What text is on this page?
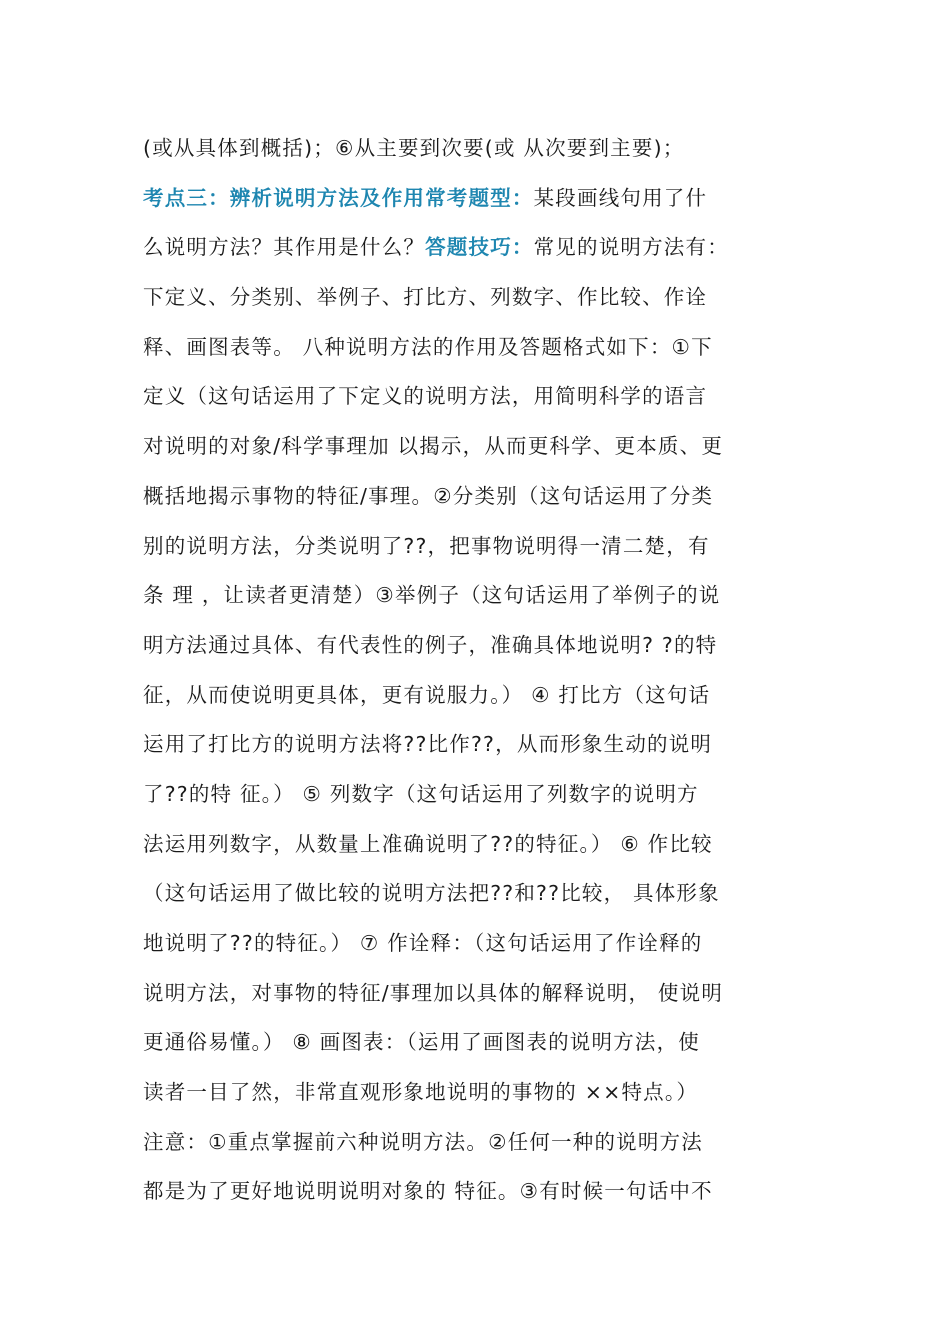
(或从具体到概括)；⑥从主要到次要(或 从次要到主要)；
考点三：辨析说明方法及作用常考题型：某段画线句用了什
么说明方法？其作用是什么？答题技巧：常见的说明方法有：
下定义、分类别、举例子、打比方、列数字、作比较、作诠
释、画图表等。 八种说明方法的作用及答题格式如下：①下
定义（这句话运用了下定义的说明方法，用简明科学的语言
对说明的对象/科学事理加 以揭示，从而更科学、更本质、更
概括地揭示事物的特征/事理。②分类别（这句话运用了分类
别的说明方法，分类说明了??，把事物说明得一清二楚，有
条 理 ，让读者更清楚）③举例子（这句话运用了举例子的说
明方法通过具体、有代表性的例子，准确具体地说明? ?的特
征，从而使说明更具体，更有说服力。） ④ 打比方（这句话
运用了打比方的说明方法将??比作??，从而形象生动的说明
了??的特 征。） ⑤ 列数字（这句话运用了列数字的说明方
法运用列数字，从数量上准确说明了??的特征。） ⑥ 作比较
（这句话运用了做比较的说明方法把??和??比较， 具体形象
地说明了??的特征。） ⑦ 作诠释：（这句话运用了作诠释的
说明方法，对事物的特征/事理加以具体的解释说明， 使说明
更通俗易懂。） ⑧ 画图表：（运用了画图表的说明方法，使
读者一目了然，非常直观形象地说明的事物的 ××特点。）
注意：①重点掌握前六种说明方法。②任何一种的说明方法
都是为了更好地说明说明对象的 特征。③有时候一句话中不
